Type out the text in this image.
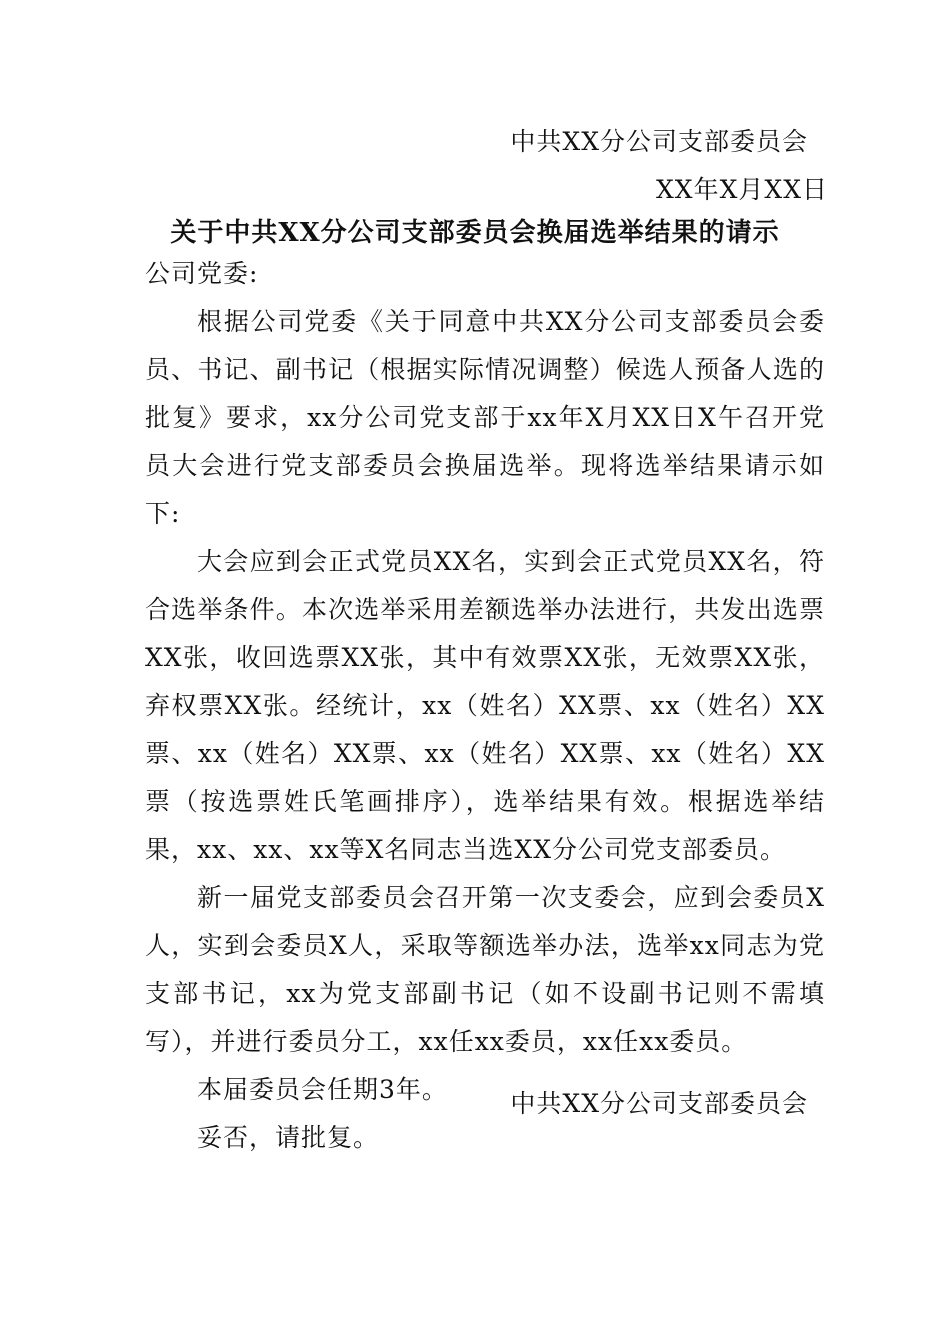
中共XX分公司支部委员会
XX年X月XX日
关于中共XX分公司支部委员会换届选举结果的请示
公司党委:
根据公司党委《关于同意中共XX分公司支部委员会委员、书记、副书记（根据实际情况调整）候选人预备人选的批复》要求，xx分公司党支部于xx年X月XX日X午召开党员大会进行党支部委员会换届选举。现将选举结果请示如下:
大会应到会正式党员XX名，实到会正式党员XX名，符合选举条件。本次选举采用差额选举办法进行，共发出选票XX张，收回选票XX张，其中有效票XX张，无效票XX张，弃权票XX张。经统计，xx（姓名）XX票、xx（姓名）XX票、xx（姓名）XX票、xx（姓名）XX票、xx（姓名）XX票（按选票姓氏笔画排序），选举结果有效。根据选举结果，xx、xx、xx等X名同志当选XX分公司党支部委员。
新一届党支部委员会召开第一次支委会，应到会委员X人，实到会委员X人，采取等额选举办法，选举xx同志为党支部书记，xx为党支部副书记（如不设副书记则不需填写），并进行委员分工，xx任xx委员，xx任xx委员。
本届委员会任期3年。
妥否，请批复。
中共XX分公司支部委员会
